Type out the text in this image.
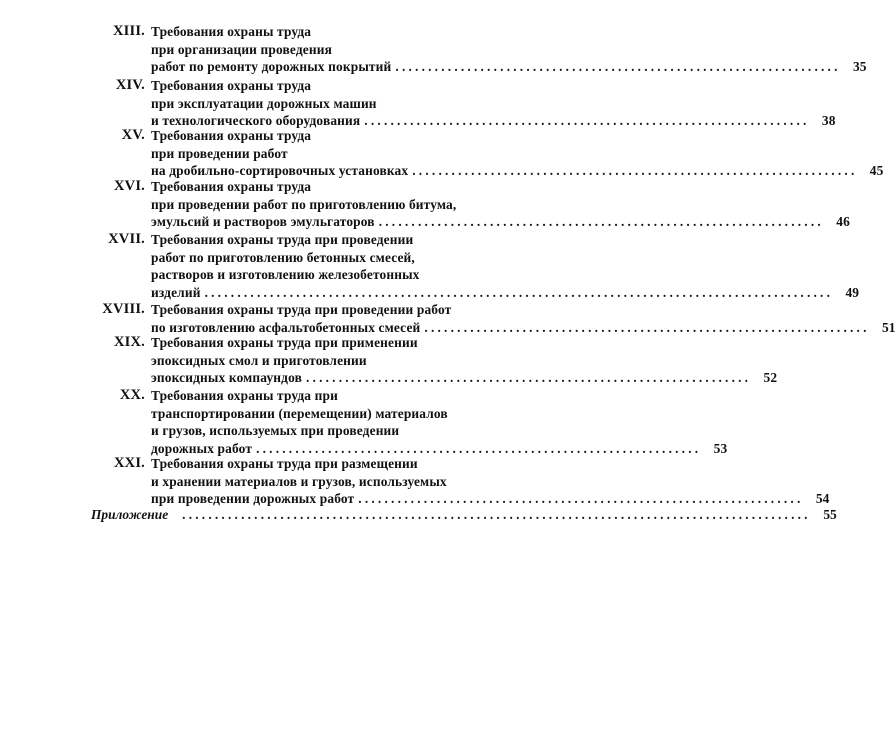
XIII. Требования охраны труда
при организации проведения
работ по ремонту дорожных покрытий .................................................................... 35
XIV. Требования охраны труда
при эксплуатации дорожных машин
и технологического оборудования .................................................................... 38
XV. Требования охраны труда
при проведении работ
на дробильно-сортировочных установках .................................................................... 45
XVI. Требования охраны труда
при проведении работ по приготовлению битума,
эмульсий и растворов эмульгаторов .................................................................... 46
XVII. Требования охраны труда при проведении
работ по приготовлению бетонных смесей,
растворов и изготовлению железобетонных
изделий ................................................................................................ 49
XVIII. Требования охраны труда при проведении работ
по изготовлению асфальтобетонных смесей .................................................................... 51
XIX. Требования охраны труда при применении
эпоксидных смол и приготовлении
эпоксидных компаундов .................................................................... 52
XX. Требования охраны труда при
транспортировании (перемещении) материалов
и грузов, используемых при проведении
дорожных работ .................................................................... 53
XXI. Требования охраны труда при размещении
и хранении материалов и грузов, используемых
при проведении дорожных работ .................................................................... 54
Приложение ................................................................................................ 55
